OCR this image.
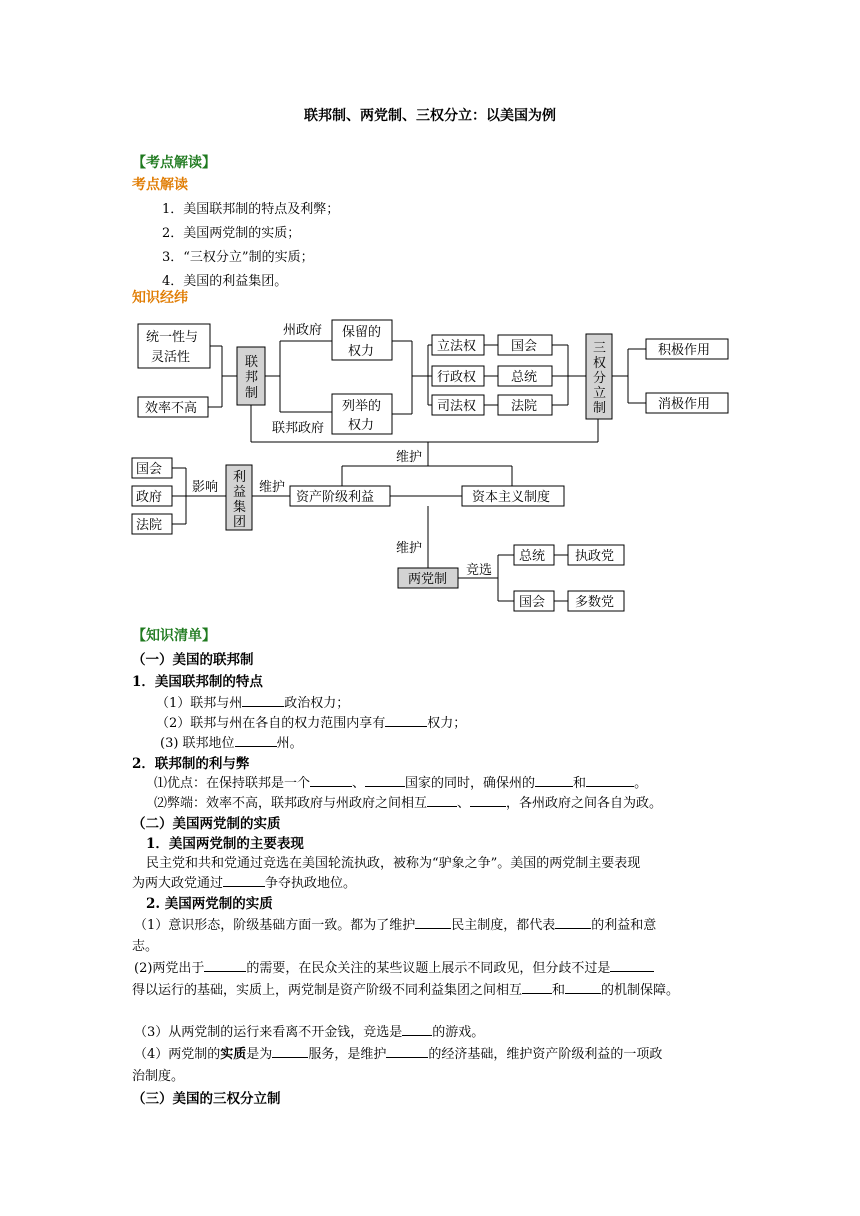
联邦制、两党制、三权分立：以美国为例
【考点解读】
考点解读
1．美国联邦制的特点及利弊；
2．美国两党制的实质；
3．“三权分立”制的实质；
4．美国的利益集团。
知识经纬
统一性与
灵活性
效率不高
联
邦
制
州政府
联邦政府
保留的
权力
列举的
权力
立法权
行政权
司法权
国会
总统
法院
三
权
分
立
制
积极作用
消极作用
维护
国会
政府
法院
影响
利
益
集
团
维护
资产阶级利益	资本主义制度
维护
两党制
竞选
总统 执政党
国会 多数党
【知识清单】
（一）美国的联邦制
1．美国联邦制的特点
（1）联邦与州	政治权力；
（2）联邦与州在各自的权力范围内享有	权力；
(3) 联邦地位	州。
2．联邦制的利与弊
⑴优点：在保持联邦是一个	、	国家的同时，确保州的	和	。
⑵弊端：效率不高，联邦政府与州政府之间相互 、	，各州政府之间各自为政。
（二）美国两党制的实质
1．美国两党制的主要表现
民主党和共和党通过竞选在美国轮流执政，被称为“驴象之争”。美国的两党制主要表现
为两大政党通过	争夺执政地位。
2. 美国两党制的实质
（1）意识形态，阶级基础方面一致。都为了维护	民主制度，都代表	的利益和意
志。
(2)两党出于	的需要，在民众关注的某些议题上展示不同政见，但分歧不过是
得以运行的基础，实质上，两党制是资产阶级不同利益集团之间相互 和	的机制保障。
（3）从两党制的运行来看离不开金钱，竞选是 的游戏。
（4）两党制的实质是为	服务，是维护	的经济基础，维护资产阶级利益的一项政
治制度。
（三）美国的三权分立制
